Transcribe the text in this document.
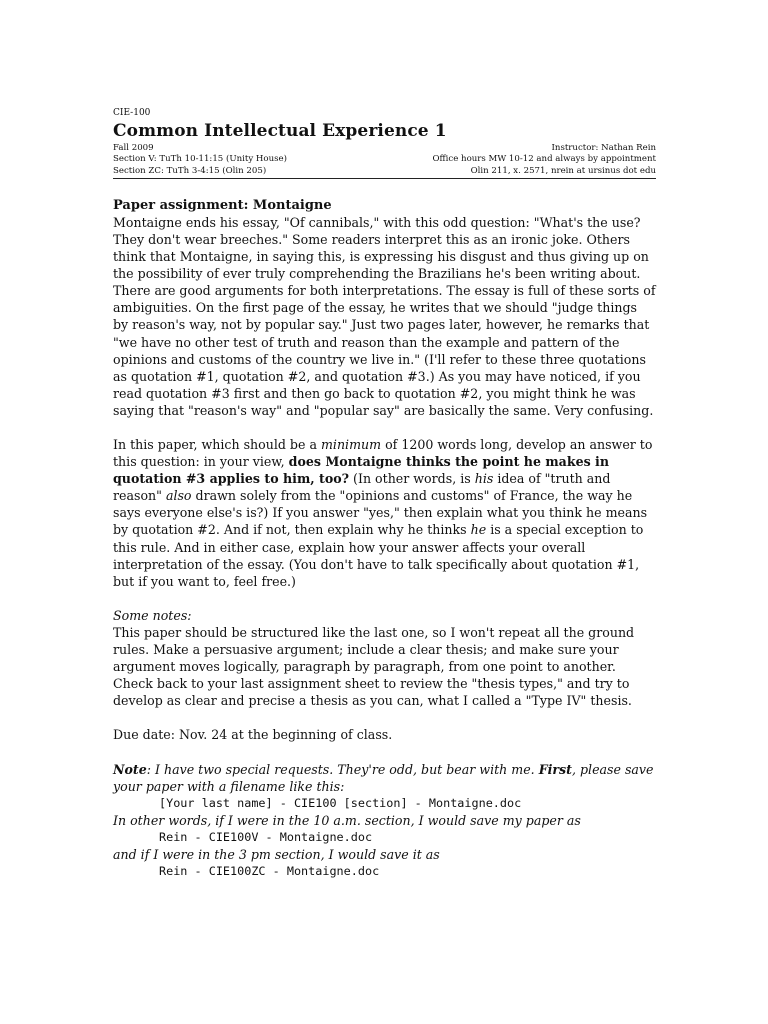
CIE-100
Common Intellectual Experience 1
Fall 2009	Instructor: Nathan Rein
Section V: TuTh 10-11:15 (Unity House)	Office hours MW 10-12 and always by appointment
Section ZC: TuTh 3-4:15 (Olin 205)	Olin 211, x. 2571, nrein at ursinus dot edu
Paper assignment: Montaigne

Montaigne ends his essay, "Of cannibals," with this odd question: "What's the use? They don't wear breeches." Some readers interpret this as an ironic joke. Others think that Montaigne, in saying this, is expressing his disgust and thus giving up on the possibility of ever truly comprehending the Brazilians he's been writing about. There are good arguments for both interpretations. The essay is full of these sorts of ambiguities. On the first page of the essay, he writes that we should "judge things by reason's way, not by popular say." Just two pages later, however, he remarks that "we have no other test of truth and reason than the example and pattern of the opinions and customs of the country we live in." (I'll refer to these three quotations as quotation #1, quotation #2, and quotation #3.) As you may have noticed, if you read quotation #3 first and then go back to quotation #2, you might think he was saying that "reason's way" and "popular say" are basically the same. Very confusing.

In this paper, which should be a minimum of 1200 words long, develop an answer to this question: in your view, does Montaigne thinks the point he makes in quotation #3 applies to him, too? (In other words, is his idea of "truth and reason" also drawn solely from the "opinions and customs" of France, the way he says everyone else's is?) If you answer "yes," then explain what you think he means by quotation #2. And if not, then explain why he thinks he is a special exception to this rule. And in either case, explain how your answer affects your overall interpretation of the essay. (You don't have to talk specifically about quotation #1, but if you want to, feel free.)

Some notes:

This paper should be structured like the last one, so I won't repeat all the ground rules. Make a persuasive argument; include a clear thesis; and make sure your argument moves logically, paragraph by paragraph, from one point to another. Check back to your last assignment sheet to review the "thesis types," and try to develop as clear and precise a thesis as you can, what I called a "Type IV" thesis.

Due date: Nov. 24 at the beginning of class.

Note: I have two special requests. They're odd, but bear with me. First, please save your paper with a filename like this:

[Your last name] - CIE100 [section] - Montaigne.doc

In other words, if I were in the 10 a.m. section, I would save my paper as

Rein - CIE100V - Montaigne.doc

and if I were in the 3 pm section, I would save it as

Rein - CIE100ZC - Montaigne.doc
